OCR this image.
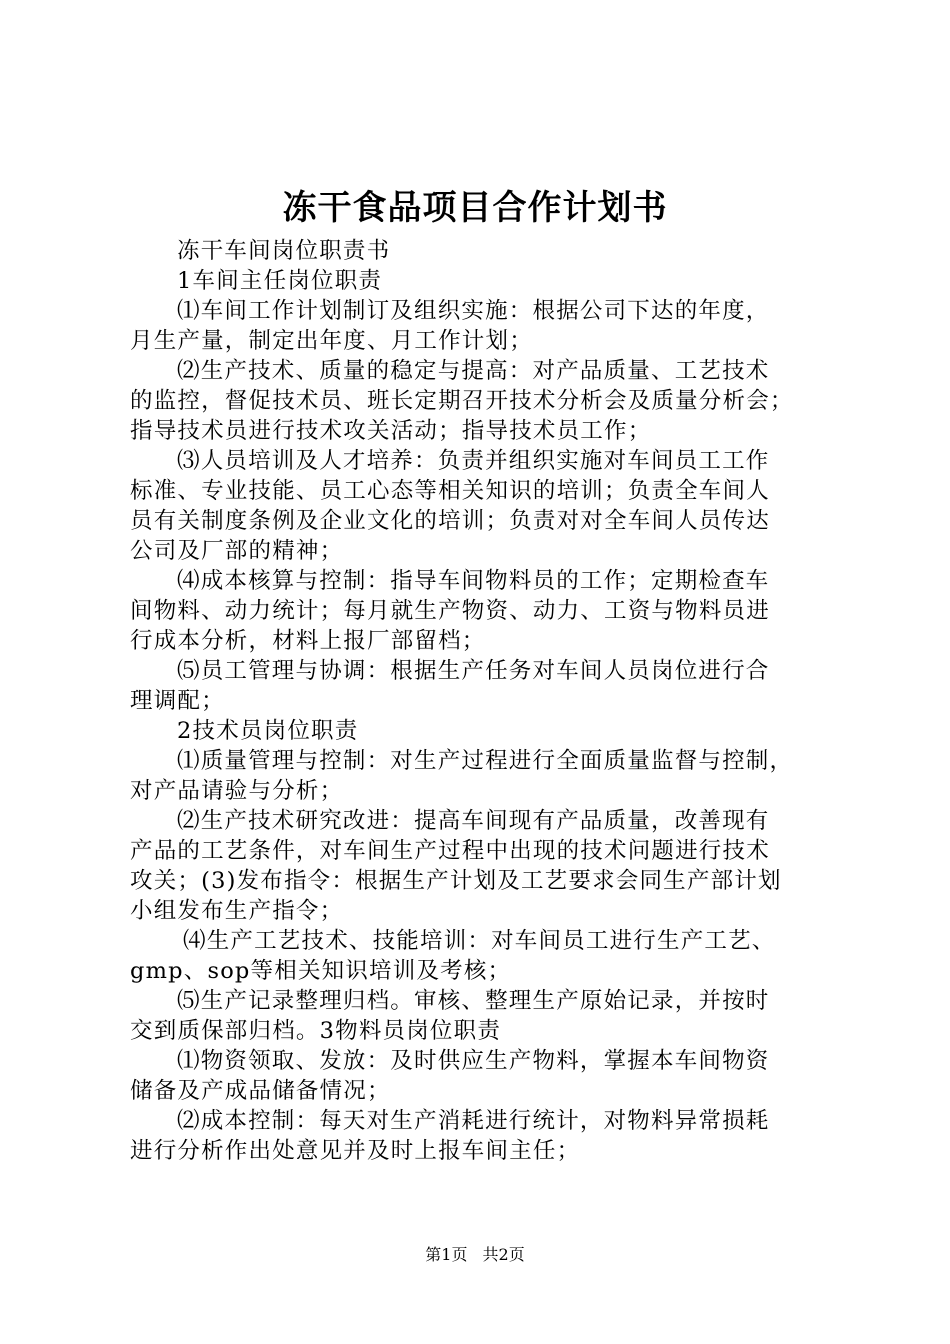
冻干食品项目合作计划书
冻干车间岗位职责书
1车间主任岗位职责
⑴车间工作计划制订及组织实施：根据公司下达的年度，
月生产量，制定出年度、月工作计划；
⑵生产技术、质量的稳定与提高：对产品质量、工艺技术
的监控，督促技术员、班长定期召开技术分析会及质量分析会；
指导技术员进行技术攻关活动；指导技术员工作；
⑶人员培训及人才培养：负责并组织实施对车间员工工作
标准、专业技能、员工心态等相关知识的培训；负责全车间人
员有关制度条例及企业文化的培训；负责对对全车间人员传达
公司及厂部的精神；
⑷成本核算与控制：指导车间物料员的工作；定期检查车
间物料、动力统计；每月就生产物资、动力、工资与物料员进
行成本分析，材料上报厂部留档；
⑸员工管理与协调：根据生产任务对车间人员岗位进行合
理调配；
2技术员岗位职责
⑴质量管理与控制：对生产过程进行全面质量监督与控制，
对产品请验与分析；
⑵生产技术研究改进：提高车间现有产品质量，改善现有
产品的工艺条件，对车间生产过程中出现的技术问题进行技术
攻关；(3)发布指令：根据生产计划及工艺要求会同生产部计划
小组发布生产指令；
⑷生产工艺技术、技能培训：对车间员工进行生产工艺、
gmp、sop等相关知识培训及考核；
⑸生产记录整理归档。审核、整理生产原始记录，并按时
交到质保部归档。3物料员岗位职责
⑴物资领取、发放：及时供应生产物料，掌握本车间物资
储备及产成品储备情况；
⑵成本控制：每天对生产消耗进行统计，对物料异常损耗
进行分析作出处意见并及时上报车间主任；
第1页 共2页
